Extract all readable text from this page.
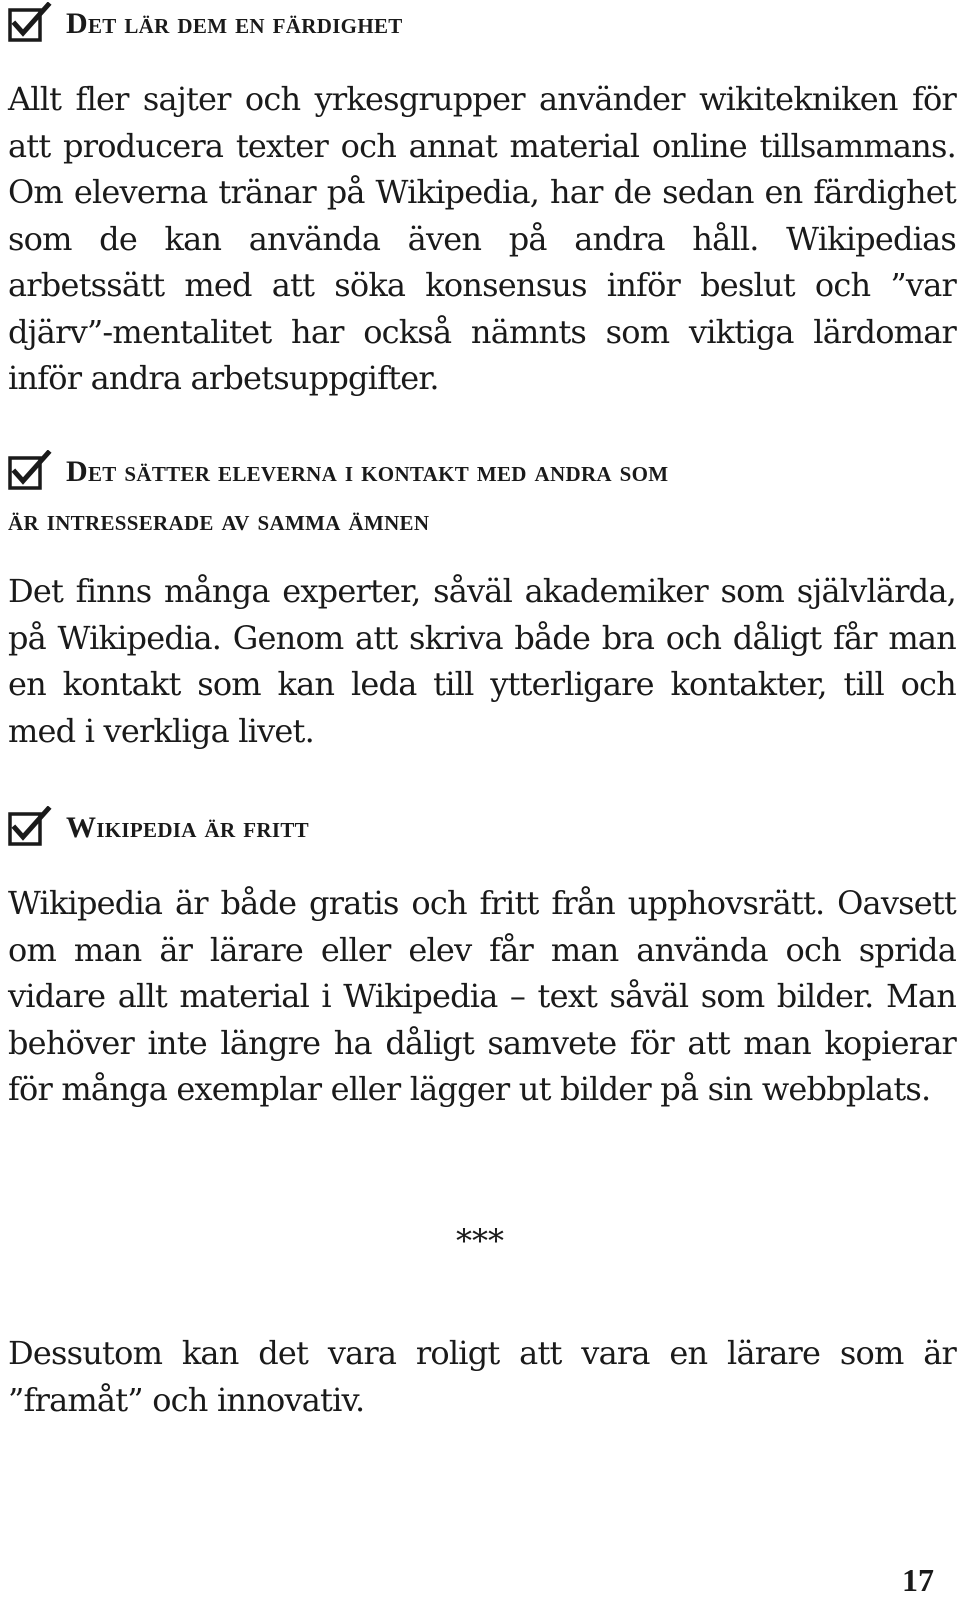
Det lär dem en färdighet

Allt fler sajter och yrkesgrupper använder wikitekniken för att producera texter och annat material online tillsammans. Om eleverna tränar på Wikipedia, har de sedan en färdighet som de kan använda även på andra håll. Wikipedias arbetssätt med att söka konsensus inför beslut och ”var djärv”-mentalitet har också nämnts som viktiga lärdomar inför andra arbetsuppgifter.

Det sätter eleverna i kontakt med andra som
är intresserade av samma ämnen

Det finns många experter, såväl akademiker som självlärda, på Wikipedia. Genom att skriva både bra och dåligt får man en kontakt som kan leda till ytterligare kontakter, till och med i verkliga livet.

Wikipedia är fritt

Wikipedia är både gratis och fritt från upphovsrätt. Oavsett om man är lärare eller elev får man använda och sprida vidare allt material i Wikipedia – text såväl som bilder. Man behöver inte längre ha dåligt samvete för att man kopierar för många exemplar eller lägger ut bilder på sin webbplats.

***

Dessutom kan det vara roligt att vara en lärare som är ”framåt” och innovativ.

17
